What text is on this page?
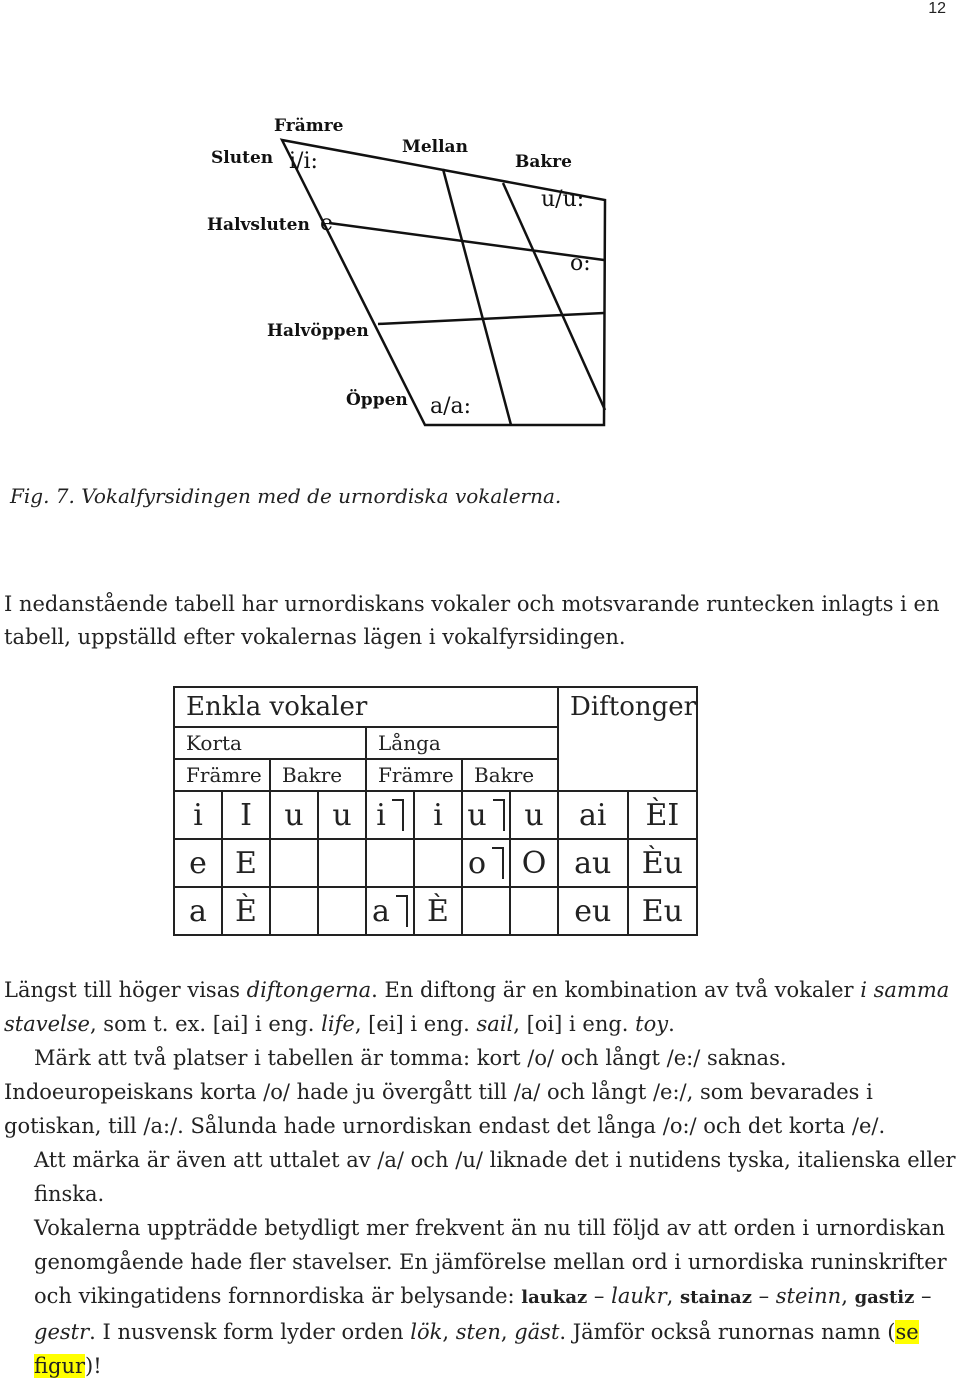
12
Främre
Mellan
Bakre
Sluten
Halvsluten
Halvöppen
Öppen
i/i:
e
u/u:
o:
a/a:
Fig. 7. Vokalfyrsidingen med de urnordiska vokalerna.
I nedanstående tabell har urnordiskans vokaler och motsvarande runtecken inlagts i en tabell, uppställd efter vokalernas lägen i vokalfyrsidingen.
Enkla vokaler								Diftonger	
Korta				Långa					
Främre		Bakre		Främre		Bakre			
i	I	u	u	i	i	u	u	ai	ÈI
e	E					o	O	au	Èu
a	È			a	È			eu	Eu

Längst till höger visas diftongerna. En diftong är en kombination av två vokaler i samma stavelse, som t. ex. [ai] i eng. life, [ei] i eng. sail, [oi] i eng. toy.

Märk att två platser i tabellen är tomma: kort /o/ och långt /e:/ saknas.

Indoeuropeiskans korta /o/ hade ju övergått till /a/ och långt /e:/, som bevarades i gotiskan, till /a:/. Sålunda hade urnordiskan endast det långa /o:/ och det korta /e/.

Att märka är även att uttalet av /a/ och /u/ liknade det i nutidens tyska, italienska eller finska.

Vokalerna uppträdde betydligt mer frekvent än nu till följd av att orden i urnordiskan genomgående hade fler stavelser. En jämförelse mellan ord i urnordiska runinskrifter och vikingatidens fornnordiska är belysande: laukaz – laukr, stainaz – steinn, gastiz – gestr. I nusvensk form lyder orden lök, sten, gäst. Jämför också runornas namn (se figur)!
